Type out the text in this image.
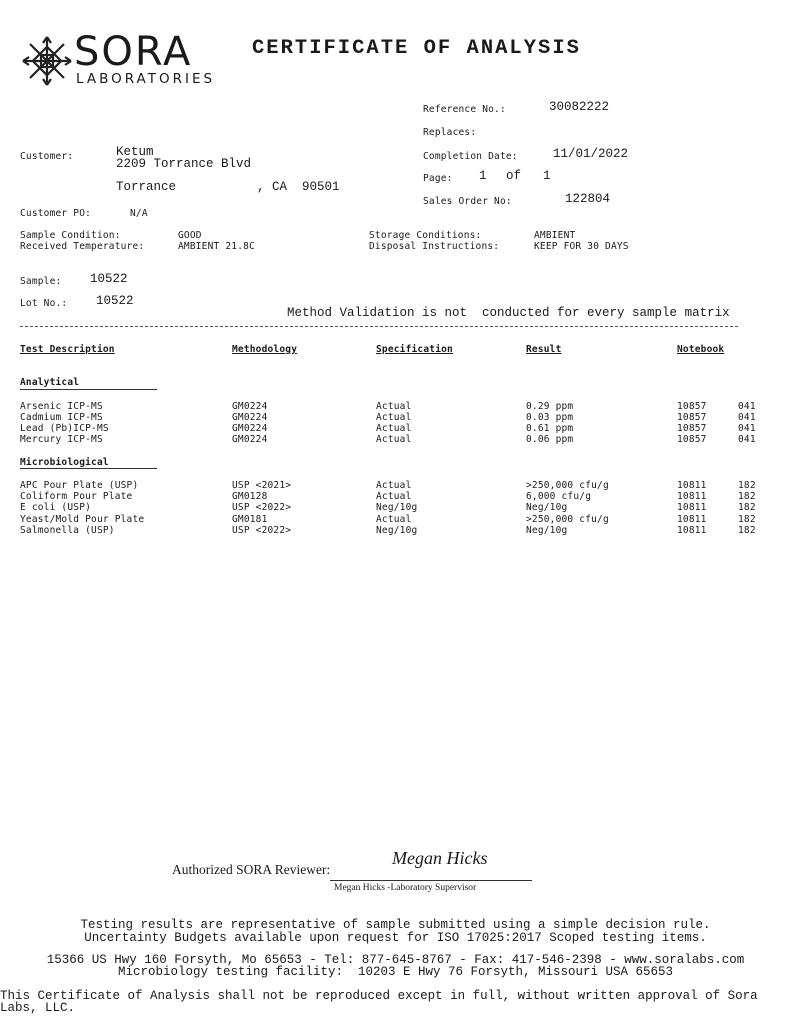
SORA
LABORATORIES
CERTIFICATE OF ANALYSIS
Reference No.:	30082222
Replaces:
Completion Date:	11/01/2022
Page: 1 of 1
Sales Order No:	122804
Customer:	Ketum
2209 Torrance Blvd
Torrance	, CA  90501
Customer PO:	N/A
Sample Condition:	GOOD
Received Temperature:	AMBIENT 21.8C
Storage Conditions:	AMBIENT
Disposal Instructions:	KEEP FOR 30 DAYS
Sample: 10522
Lot No.: 10522
Method Validation is not  conducted for every sample matrix
Test Description	Methodology	Specification	Result	Notebook
Analytical
Arsenic ICP-MS	GM0224	Actual	0.29 ppm	10857	041
Cadmium ICP-MS	GM0224	Actual	0.03 ppm	10857	041
Lead (Pb)ICP-MS	GM0224	Actual	0.61 ppm	10857	041
Mercury ICP-MS	GM0224	Actual	0.06 ppm	10857	041
Microbiological
APC Pour Plate (USP)	USP <2021>	Actual	>250,000 cfu/g	10811	182
Coliform Pour Plate	GM0128	Actual	6,000 cfu/g	10811	182
E coli (USP)	USP <2022>	Neg/10g	Neg/10g	10811	182
Yeast/Mold Pour Plate	GM0181	Actual	>250,000 cfu/g	10811	182
Salmonella (USP)	USP <2022>	Neg/10g	Neg/10g	10811	182
Authorized SORA Reviewer:
Megan Hicks
Megan Hicks -Laboratory Supervisor
Testing results are representative of sample submitted using a simple decision rule.
Uncertainty Budgets available upon request for ISO 17025:2017 Scoped testing items.
15366 US Hwy 160 Forsyth, Mo 65653 - Tel: 877-645-8767 - Fax: 417-546-2398 - www.soralabs.com
Microbiology testing facility:  10203 E Hwy 76 Forsyth, Missouri USA 65653
This Certificate of Analysis shall not be reproduced except in full, without written approval of Sora
Labs, LLC.
